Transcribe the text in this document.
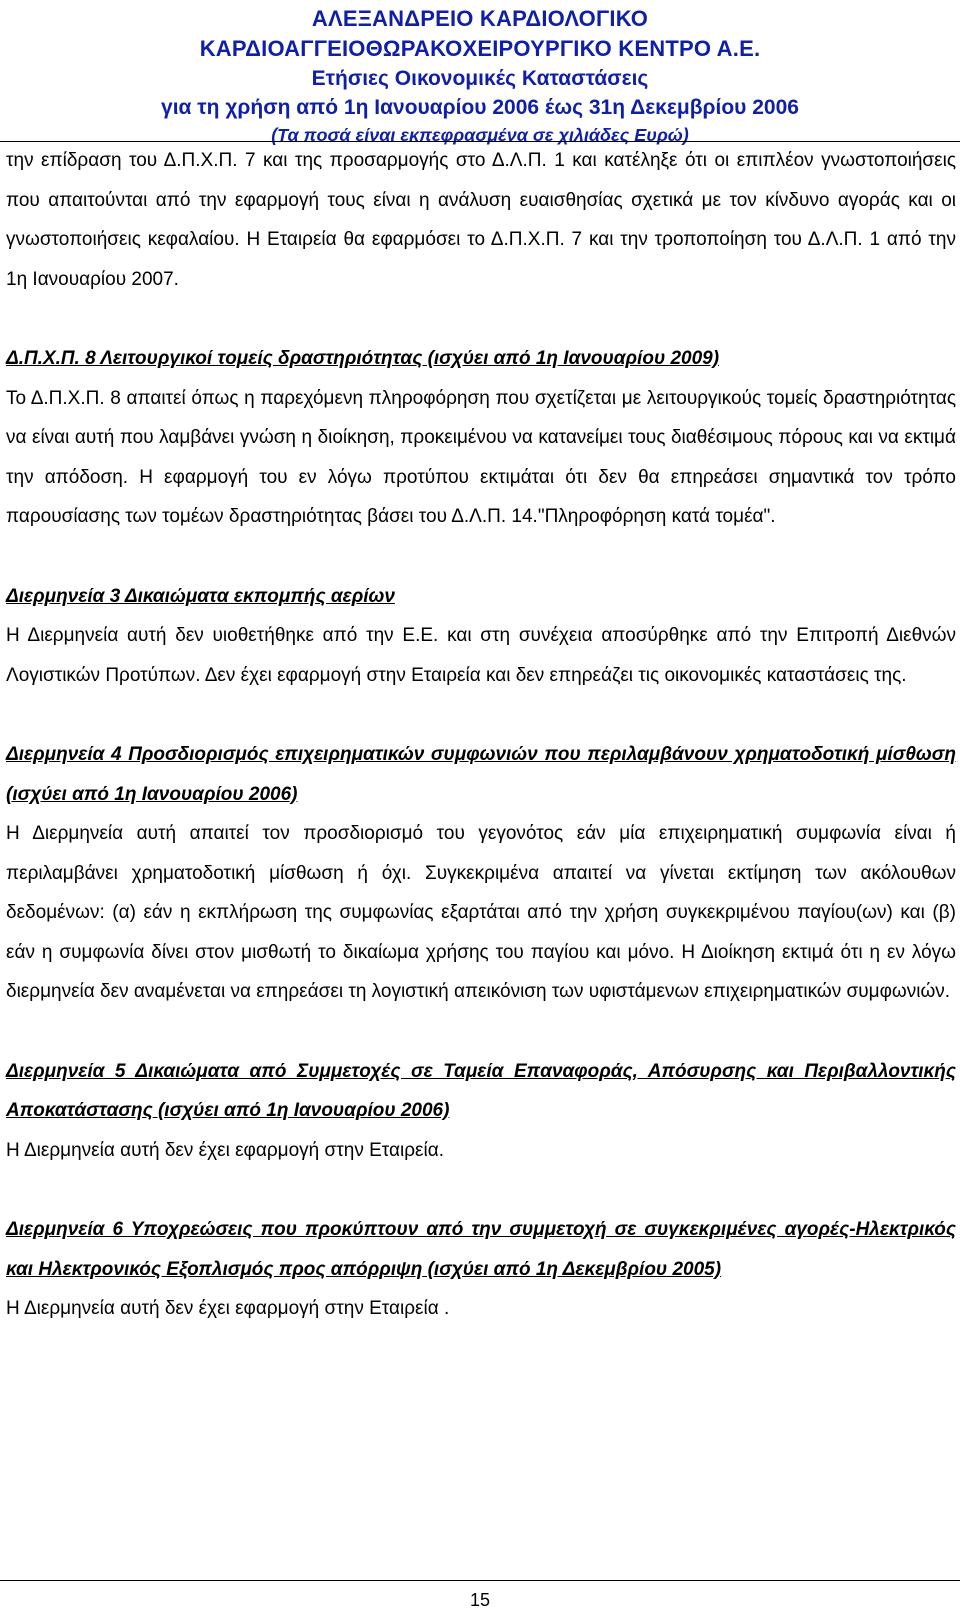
ΑΛΕΞΑΝΔΡΕΙΟ ΚΑΡΔΙΟΛΟΓΙΚΟ
ΚΑΡΔΙΟΑΓΓΕΙΟΘΩΡΑΚΟΧΕΙΡΟΥΡΓΙΚΟ ΚΕΝΤΡΟ Α.Ε.
Ετήσιες Οικονομικές Καταστάσεις
για τη χρήση από 1η Ιανουαρίου 2006 έως 31η Δεκεμβρίου 2006
(Τα ποσά είναι εκπεφρασμένα σε χιλιάδες Ευρώ)

την επίδραση του Δ.Π.Χ.Π. 7 και της προσαρμογής στο Δ.Λ.Π. 1 και κατέληξε ότι οι επιπλέον γνωστοποιήσεις που απαιτούνται από την εφαρμογή τους είναι η ανάλυση ευαισθησίας σχετικά με τον κίνδυνο αγοράς και οι γνωστοποιήσεις κεφαλαίου. Η Εταιρεία θα εφαρμόσει το Δ.Π.Χ.Π. 7 και την τροποποίηση του Δ.Λ.Π. 1 από την 1η Ιανουαρίου 2007.

Δ.Π.Χ.Π. 8 Λειτουργικοί τομείς δραστηριότητας (ισχύει από 1η Ιανουαρίου 2009)

Το Δ.Π.Χ.Π. 8 απαιτεί όπως η παρεχόμενη πληροφόρηση που σχετίζεται με λειτουργικούς τομείς δραστηριότητας να είναι αυτή που λαμβάνει γνώση η διοίκηση, προκειμένου να κατανείμει τους διαθέσιμους πόρους και να εκτιμά την απόδοση. Η εφαρμογή του εν λόγω προτύπου εκτιμάται ότι δεν θα επηρεάσει σημαντικά τον τρόπο παρουσίασης των τομέων δραστηριότητας βάσει του Δ.Λ.Π. 14."Πληροφόρηση κατά τομέα".

Διερμηνεία 3 Δικαιώματα εκπομπής αερίων

Η Διερμηνεία αυτή δεν υιοθετήθηκε από την Ε.Ε. και στη συνέχεια αποσύρθηκε από την Επιτροπή Διεθνών Λογιστικών Προτύπων. Δεν έχει εφαρμογή στην Εταιρεία και δεν επηρεάζει τις οικονομικές καταστάσεις της.

Διερμηνεία 4 Προσδιορισμός επιχειρηματικών συμφωνιών που περιλαμβάνουν χρηματοδοτική μίσθωση (ισχύει από 1η Ιανουαρίου 2006)

Η Διερμηνεία αυτή απαιτεί τον προσδιορισμό του γεγονότος εάν μία επιχειρηματική συμφωνία είναι ή περιλαμβάνει χρηματοδοτική μίσθωση ή όχι. Συγκεκριμένα απαιτεί να γίνεται εκτίμηση των ακόλουθων δεδομένων: (α) εάν η εκπλήρωση της συμφωνίας εξαρτάται από την χρήση συγκεκριμένου παγίου(ων) και (β) εάν η συμφωνία δίνει στον μισθωτή το δικαίωμα χρήσης του παγίου και μόνο. Η Διοίκηση εκτιμά ότι η εν λόγω διερμηνεία δεν αναμένεται να επηρεάσει τη λογιστική απεικόνιση των υφιστάμενων επιχειρηματικών συμφωνιών.

Διερμηνεία 5 Δικαιώματα από Συμμετοχές σε Ταμεία Επαναφοράς, Απόσυρσης και Περιβαλλοντικής Αποκατάστασης (ισχύει από 1η Ιανουαρίου 2006)

Η Διερμηνεία αυτή δεν έχει εφαρμογή στην Εταιρεία.

Διερμηνεία 6 Υποχρεώσεις που προκύπτουν από την συμμετοχή σε συγκεκριμένες αγορές-Ηλεκτρικός και Ηλεκτρονικός Εξοπλισμός προς απόρριψη (ισχύει από 1η Δεκεμβρίου 2005)

Η Διερμηνεία αυτή δεν έχει εφαρμογή στην Εταιρεία .

15
